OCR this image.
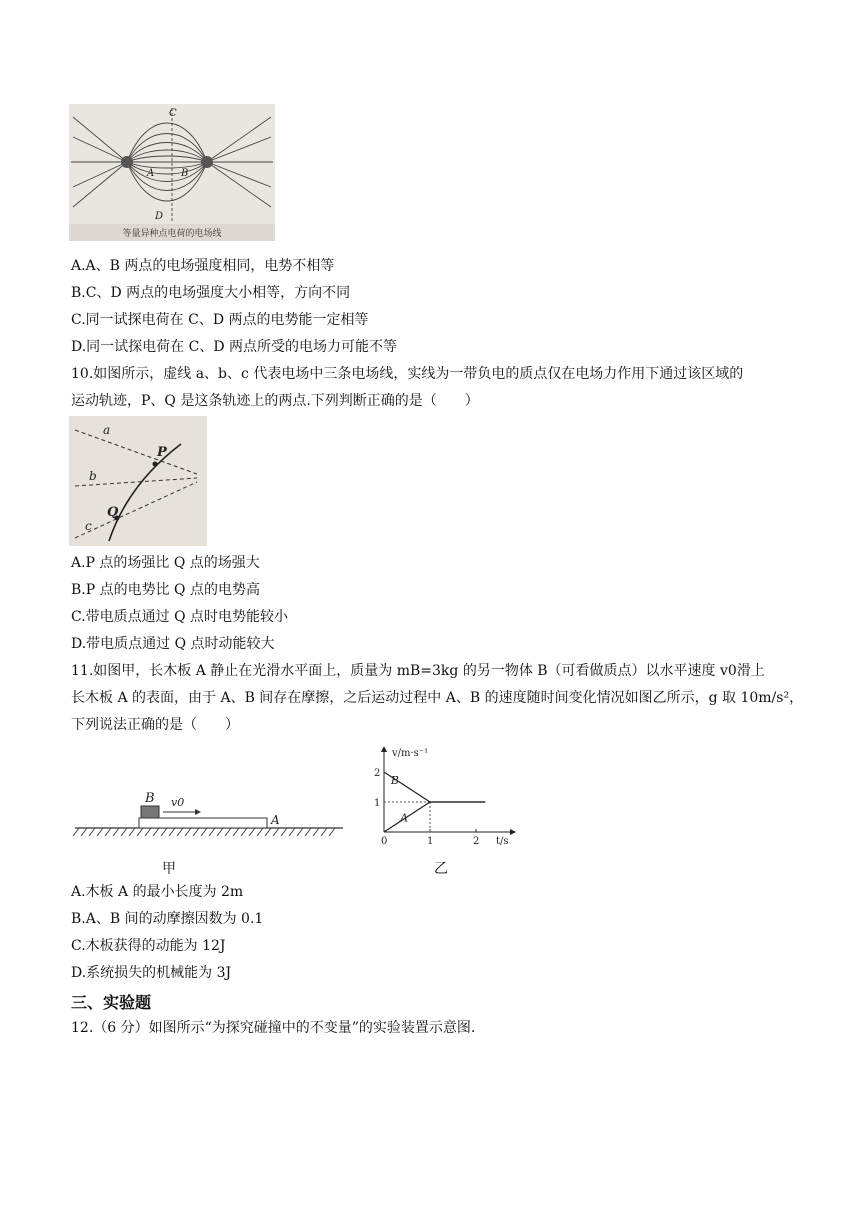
等量异种点电荷的电场线
C
D
A	B
A.A、B 两点的电场强度相同，电势不相等
B.C、D 两点的电场强度大小相等，方向不同
C.同一试探电荷在 C、D 两点的电势能一定相等
D.同一试探电荷在 C、D 两点所受的电场力可能不等
10.如图所示，虚线 a、b、c 代表电场中三条电场线，实线为一带负电的质点仅在电场力作用下通过该区域的
运动轨迹，P、Q 是这条轨迹上的两点.下列判断正确的是（　　）
a
b
c
P
Q
A.P 点的场强比 Q 点的场强大
B.P 点的电势比 Q 点的电势高
C.带电质点通过 Q 点时电势能较小
D.带电质点通过 Q 点时动能较大
11.如图甲，长木板 A 静止在光滑水平面上，质量为 mB=3kg 的另一物体 B（可看做质点）以水平速度 v0滑上
长木板 A 的表面，由于 A、B 间存在摩擦，之后运动过程中 A、B 的速度随时间变化情况如图乙所示，g 取 10m/s²，
下列说法正确的是（　　）
B v0
A
甲
v/m·s⁻¹
t/s
0	1	2
1
2
B
A
乙
A.木板 A 的最小长度为 2m
B.A、B 间的动摩擦因数为 0.1
C.木板获得的动能为 12J
D.系统损失的机械能为 3J
三、实验题
12.（6 分）如图所示“为探究碰撞中的不变量”的实验装置示意图.
